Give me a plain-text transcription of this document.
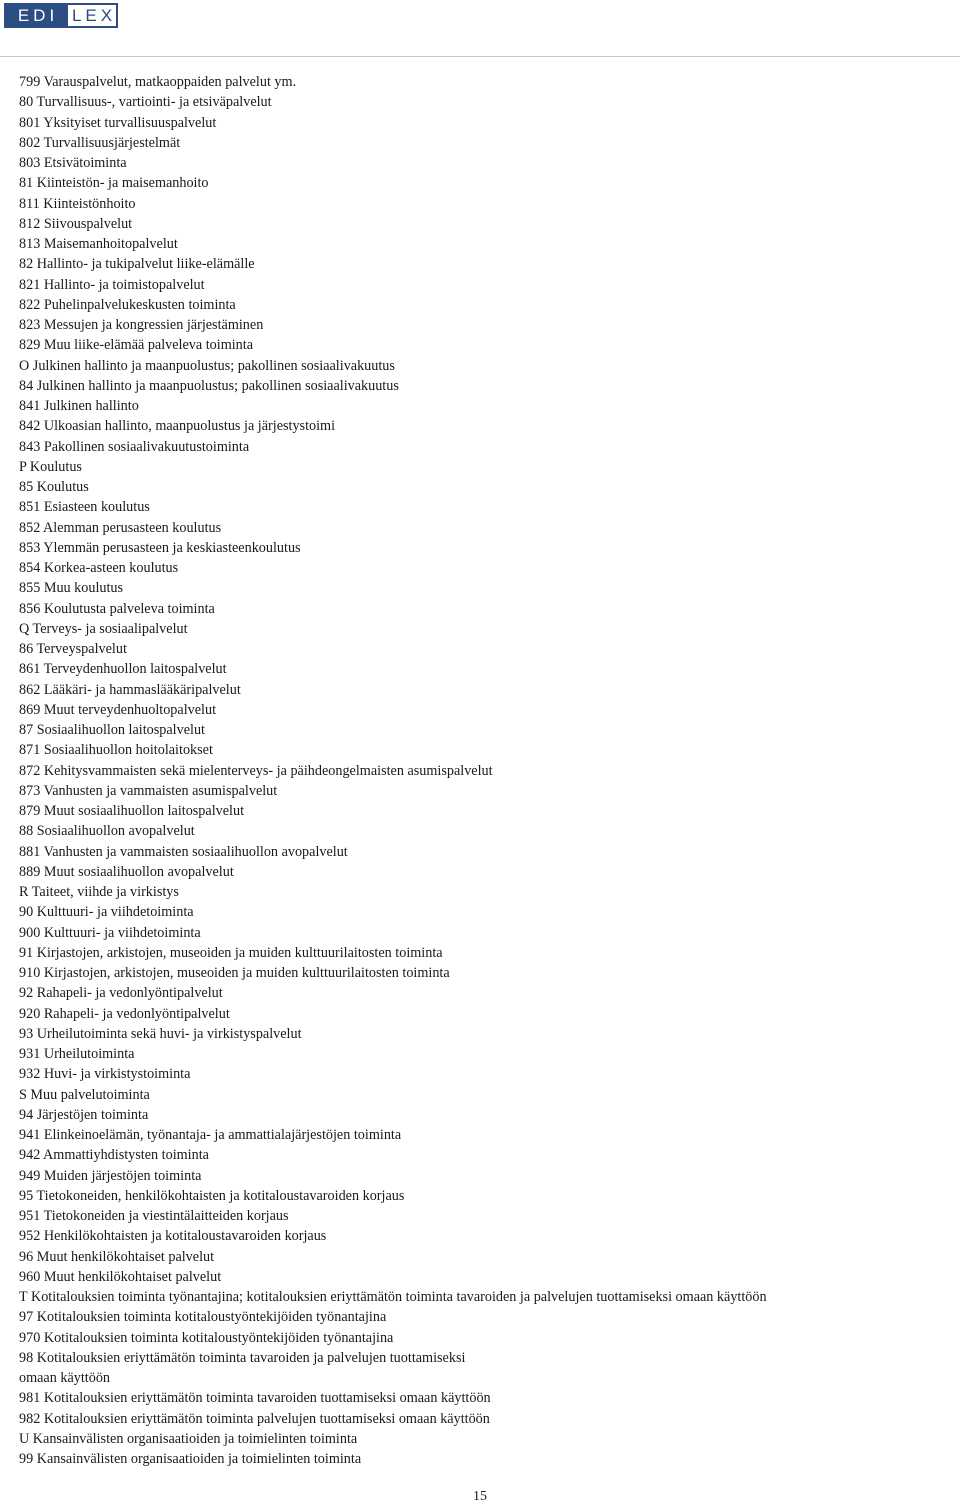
EDI LEX
799 Varauspalvelut, matkaoppaiden palvelut ym.
80 Turvallisuus-, vartiointi- ja etsiväpalvelut
801 Yksityiset turvallisuuspalvelut
802 Turvallisuusjärjestelmät
803 Etsivätoiminta
81 Kiinteistön- ja maisemanhoito
811 Kiinteistönhoito
812 Siivouspalvelut
813 Maisemanhoitopalvelut
82 Hallinto- ja tukipalvelut liike-elämälle
821 Hallinto- ja toimistopalvelut
822 Puhelinpalvelukeskusten toiminta
823 Messujen ja kongressien järjestäminen
829 Muu liike-elämää palveleva toiminta
O Julkinen hallinto ja maanpuolustus; pakollinen sosiaalivakuutus
84 Julkinen hallinto ja maanpuolustus; pakollinen sosiaalivakuutus
841 Julkinen hallinto
842 Ulkoasian hallinto, maanpuolustus ja järjestystoimi
843 Pakollinen sosiaalivakuutustoiminta
P Koulutus
85 Koulutus
851 Esiasteen koulutus
852 Alemman perusasteen koulutus
853 Ylemmän perusasteen ja keskiasteenkoulutus
854 Korkea-asteen koulutus
855 Muu koulutus
856 Koulutusta palveleva toiminta
Q Terveys- ja sosiaalipalvelut
86 Terveyspalvelut
861 Terveydenhuollon laitospalvelut
862 Lääkäri- ja hammaslääkäripalvelut
869 Muut terveydenhuoltopalvelut
87 Sosiaalihuollon laitospalvelut
871 Sosiaalihuollon hoitolaitokset
872 Kehitysvammaisten sekä mielenterveys- ja päihdeongelmaisten asumispalvelut
873 Vanhusten ja vammaisten asumispalvelut
879 Muut sosiaalihuollon laitospalvelut
88 Sosiaalihuollon avopalvelut
881 Vanhusten ja vammaisten sosiaalihuollon avopalvelut
889 Muut sosiaalihuollon avopalvelut
R Taiteet, viihde ja virkistys
90 Kulttuuri- ja viihdetoiminta
900 Kulttuuri- ja viihdetoiminta
91 Kirjastojen, arkistojen, museoiden ja muiden kulttuurilaitosten toiminta
910 Kirjastojen, arkistojen, museoiden ja muiden kulttuurilaitosten toiminta
92 Rahapeli- ja vedonlyöntipalvelut
920 Rahapeli- ja vedonlyöntipalvelut
93 Urheilutoiminta sekä huvi- ja virkistyspalvelut
931 Urheilutoiminta
932 Huvi- ja virkistystoiminta
S Muu palvelutoiminta
94 Järjestöjen toiminta
941 Elinkeinoelämän, työnantaja- ja ammattialajärjestöjen toiminta
942 Ammattiyhdistysten toiminta
949 Muiden järjestöjen toiminta
95 Tietokoneiden, henkilökohtaisten ja kotitaloustavaroiden korjaus
951 Tietokoneiden ja viestintälaitteiden korjaus
952 Henkilökohtaisten ja kotitaloustavaroiden korjaus
96 Muut henkilökohtaiset palvelut
960 Muut henkilökohtaiset palvelut
T Kotitalouksien toiminta työnantajina; kotitalouksien eriyttämätön toiminta tavaroiden ja palvelujen tuottamiseksi omaan käyttöön
97 Kotitalouksien toiminta kotitaloustyöntekijöiden työnantajina
970 Kotitalouksien toiminta kotitaloustyöntekijöiden työnantajina
98 Kotitalouksien eriyttämätön toiminta tavaroiden ja palvelujen tuottamiseksi
omaan käyttöön
981 Kotitalouksien eriyttämätön toiminta tavaroiden tuottamiseksi omaan käyttöön
982 Kotitalouksien eriyttämätön toiminta palvelujen tuottamiseksi omaan käyttöön
U Kansainvälisten organisaatioiden ja toimielinten toiminta
99 Kansainvälisten organisaatioiden ja toimielinten toiminta
15
